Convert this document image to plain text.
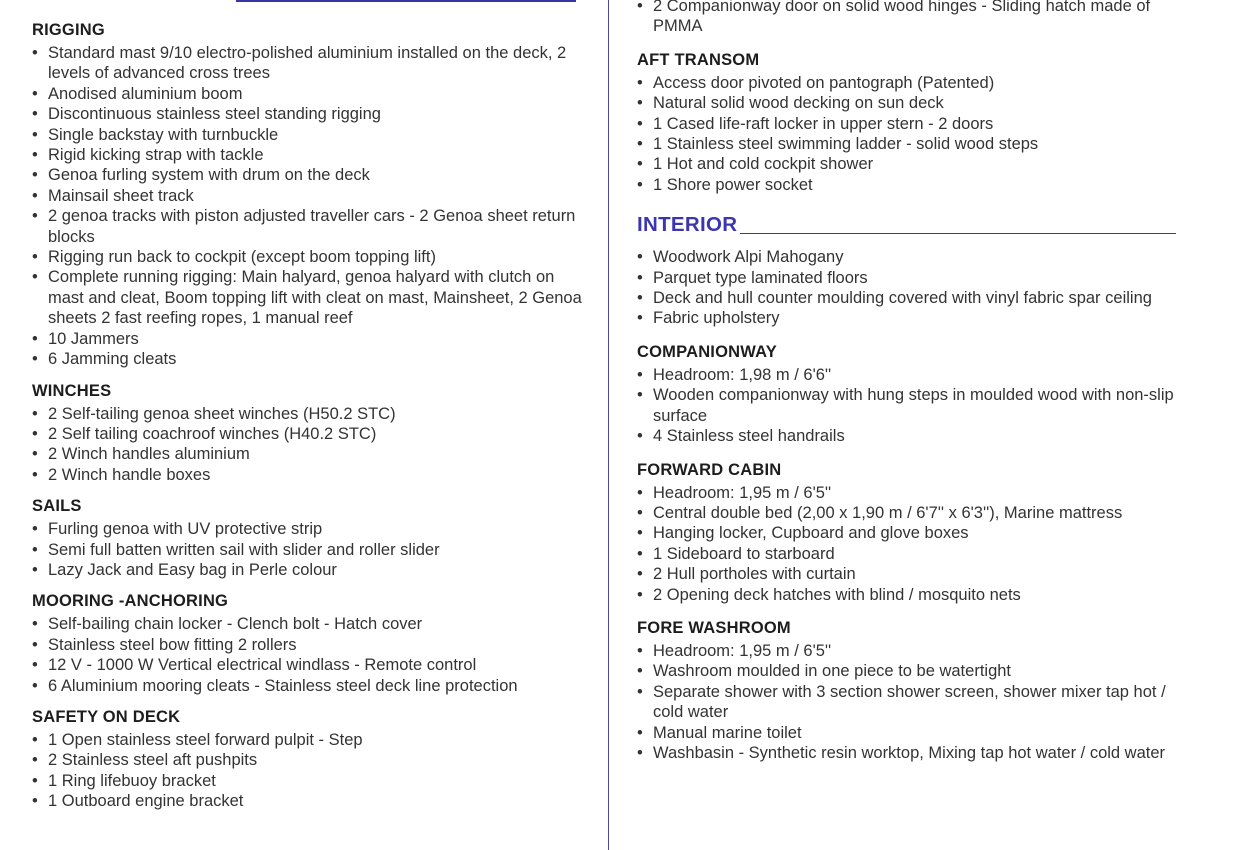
RIGGING
• Standard mast 9/10 electro-polished aluminium installed on the deck, 2 levels of advanced cross trees
• Anodised aluminium boom
• Discontinuous stainless steel standing rigging
• Single backstay with turnbuckle
• Rigid kicking strap with tackle
• Genoa furling system with drum on the deck
• Mainsail sheet track
• 2 genoa tracks with piston adjusted traveller cars - 2 Genoa sheet return blocks
• Rigging run back to cockpit (except boom topping lift)
• Complete running rigging: Main halyard, genoa halyard with clutch on mast and cleat, Boom topping lift with cleat on mast, Mainsheet, 2 Genoa sheets 2 fast reefing ropes, 1 manual reef
• 10 Jammers
• 6 Jamming cleats
WINCHES
• 2 Self-tailing genoa sheet winches (H50.2 STC)
• 2 Self tailing coachroof winches (H40.2 STC)
• 2 Winch handles aluminium
• 2 Winch handle boxes
SAILS
• Furling genoa with UV protective strip
• Semi full batten written sail with slider and roller slider
• Lazy Jack and Easy bag in Perle colour
MOORING -ANCHORING
• Self-bailing chain locker - Clench bolt - Hatch cover
• Stainless steel bow fitting 2 rollers
• 12 V - 1000 W Vertical electrical windlass - Remote control
• 6 Aluminium mooring cleats - Stainless steel deck line protection
SAFETY ON DECK
• 1 Open stainless steel forward pulpit - Step
• 2 Stainless steel aft pushpits
• 1 Ring lifebuoy bracket
• 1 Outboard engine bracket
• 2 Companionway door on solid wood hinges - Sliding hatch made of PMMA
AFT TRANSOM
• Access door pivoted on pantograph (Patented)
• Natural solid wood decking on sun deck
• 1 Cased life-raft locker in upper stern - 2 doors
• 1 Stainless steel swimming ladder - solid wood steps
• 1 Hot and cold cockpit shower
• 1 Shore power socket
INTERIOR
• Woodwork Alpi Mahogany
• Parquet type laminated floors
• Deck and hull counter moulding covered with vinyl fabric spar ceiling
• Fabric upholstery
COMPANIONWAY
• Headroom: 1,98 m / 6'6''
• Wooden companionway with hung steps in moulded wood with non-slip surface
• 4 Stainless steel handrails
FORWARD CABIN
• Headroom: 1,95 m / 6'5''
• Central double bed (2,00 x 1,90 m / 6'7'' x 6'3''), Marine mattress
• Hanging locker, Cupboard and glove boxes
• 1 Sideboard to starboard
• 2 Hull portholes with curtain
• 2 Opening deck hatches with blind / mosquito nets
FORE WASHROOM
• Headroom: 1,95 m / 6'5''
• Washroom moulded in one piece to be watertight
• Separate shower with 3 section shower screen, shower mixer tap hot / cold water
• Manual marine toilet
• Washbasin - Synthetic resin worktop, Mixing tap hot water / cold water
